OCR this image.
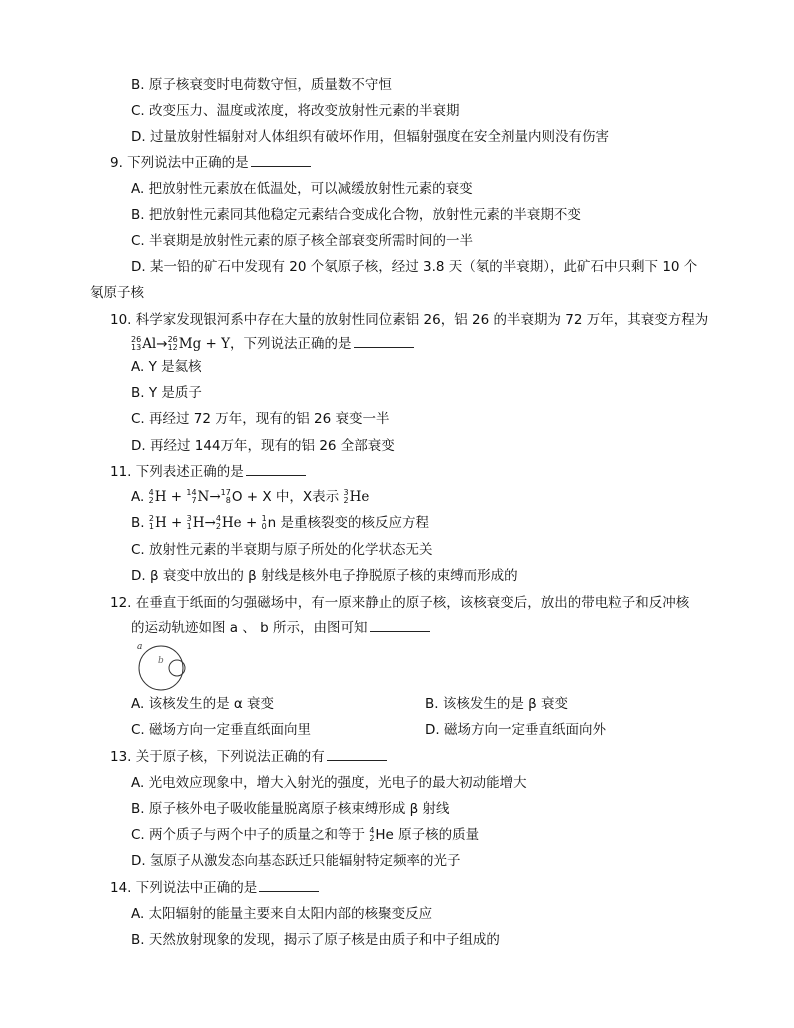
B. 原子核衰变时电荷数守恒，质量数不守恒
C. 改变压力、温度或浓度，将改变放射性元素的半衰期
D. 过量放射性辐射对人体组织有破坏作用，但辐射强度在安全剂量内则没有伤害
9. 下列说法中正确的是
A. 把放射性元素放在低温处，可以减缓放射性元素的衰变
B. 把放射性元素同其他稳定元素结合变成化合物，放射性元素的半衰期不变
C. 半衰期是放射性元素的原子核全部衰变所需时间的一半
D. 某一铅的矿石中发现有 20 个氡原子核，经过 3.8 天（氡的半衰期），此矿石中只剩下 10 个
氡原子核
10. 科学家发现银河系中存在大量的放射性同位素铝 26，铝 26 的半衰期为 72 万年，其衰变方程为
26
13 Al→ 26
12 Mg + Y，下列说法正确的是
A. Y 是氦核
B. Y 是质子
C. 再经过 72 万年，现有的铝 26 衰变一半
D. 再经过 144万年，现有的铝 26 全部衰变
11. 下列表述正确的是
A. 4
2 H + 14
7 N→ 17
8 O + X 中，X表示 3
2 He
B. 2
1 H + 3
1 H→ 4
2 He + 1
0 n 是重核裂变的核反应方程
C. 放射性元素的半衰期与原子所处的化学状态无关
D. β 衰变中放出的 β 射线是核外电子挣脱原子核的束缚而形成的
12. 在垂直于纸面的匀强磁场中，有一原来静止的原子核，该核衰变后，放出的带电粒子和反冲核
的运动轨迹如图 a 、 b 所示，由图可知
a
b
A. 该核发生的是 α 衰变	B. 该核发生的是 β 衰变
C. 磁场方向一定垂直纸面向里	D. 磁场方向一定垂直纸面向外
13. 关于原子核，下列说法正确的有
A. 光电效应现象中，增大入射光的强度，光电子的最大初动能增大
B. 原子核外电子吸收能量脱离原子核束缚形成 β 射线
C. 两个质子与两个中子的质量之和等于 4
2 He 原子核的质量
D. 氢原子从激发态向基态跃迁只能辐射特定频率的光子
14. 下列说法中正确的是
A. 太阳辐射的能量主要来自太阳内部的核聚变反应
B. 天然放射现象的发现，揭示了原子核是由质子和中子组成的
